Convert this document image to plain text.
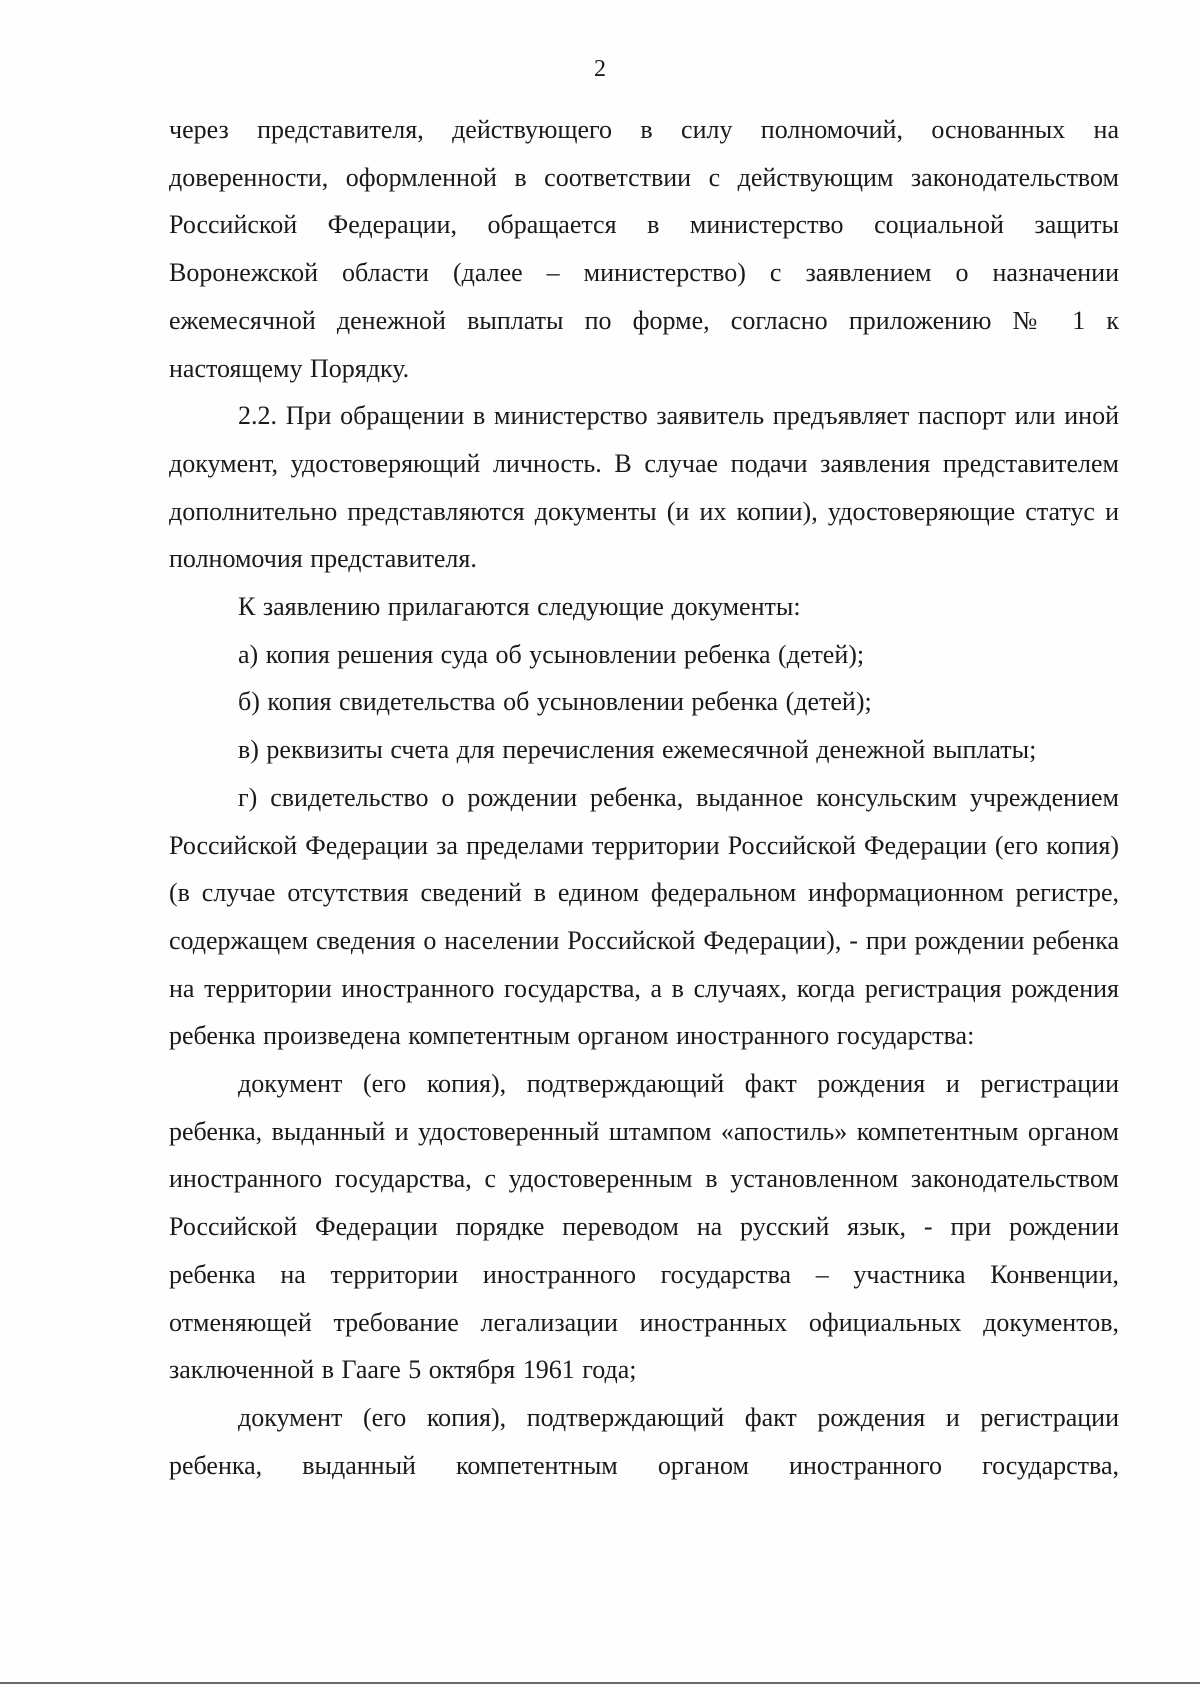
2

через представителя, действующего в силу полномочий, основанных на доверенности, оформленной в соответствии с действующим законодательством Российской Федерации, обращается в министерство социальной защиты Воронежской области (далее – министерство) с заявлением о назначении ежемесячной денежной выплаты по форме, согласно приложению № 1 к настоящему Порядку.

2.2. При обращении в министерство заявитель предъявляет паспорт или иной документ, удостоверяющий личность. В случае подачи заявления представителем дополнительно представляются документы (и их копии), удостоверяющие статус и полномочия представителя.

К заявлению прилагаются следующие документы:

а) копия решения суда об усыновлении ребенка (детей);

б) копия свидетельства об усыновлении ребенка (детей);

в) реквизиты счета для перечисления ежемесячной денежной выплаты;

г) свидетельство о рождении ребенка, выданное консульским учреждением Российской Федерации за пределами территории Российской Федерации (его копия) (в случае отсутствия сведений в едином федеральном информационном регистре, содержащем сведения о населении Российской Федерации), - при рождении ребенка на территории иностранного государства, а в случаях, когда регистрация рождения ребенка произведена компетентным органом иностранного государства:

документ (его копия), подтверждающий факт рождения и регистрации ребенка, выданный и удостоверенный штампом «апостиль» компетентным органом иностранного государства, с удостоверенным в установленном законодательством Российской Федерации порядке переводом на русский язык, - при рождении ребенка на территории иностранного государства – участника Конвенции, отменяющей требование легализации иностранных официальных документов, заключенной в Гааге 5 октября 1961 года;

документ (его копия), подтверждающий факт рождения и регистрации ребенка, выданный компетентным органом иностранного государства,
